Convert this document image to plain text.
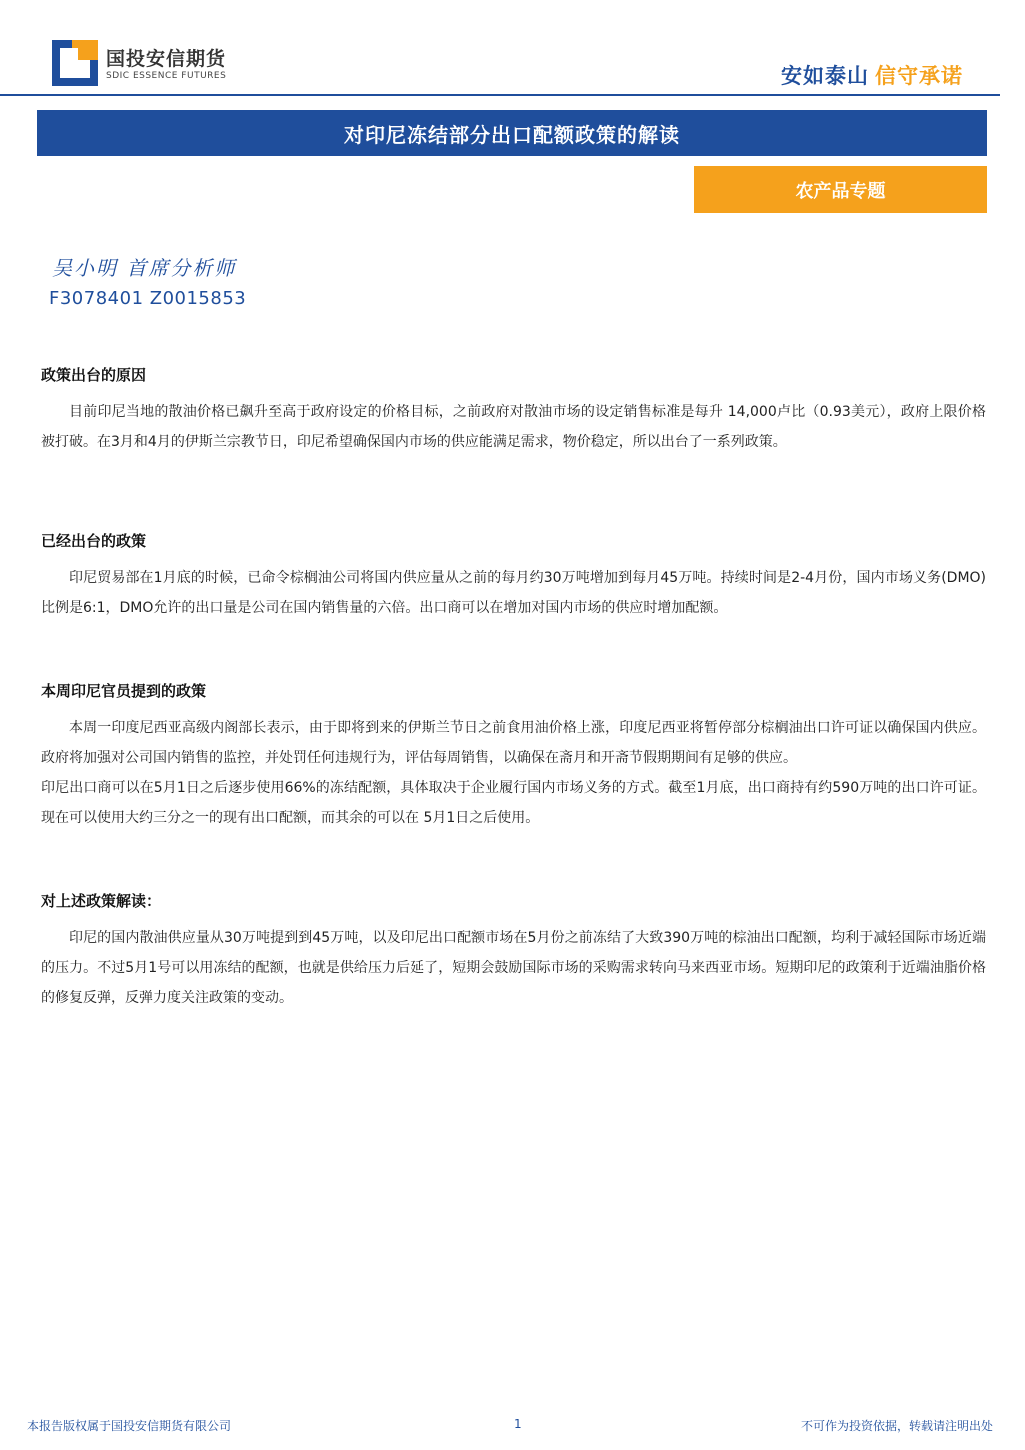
国投安信期货
SDIC ESSENCE FUTURES	安如泰山 信守承诺
对印尼冻结部分出口配额政策的解读
农产品专题
吴小明 首席分析师
F3078401 Z0015853
政策出台的原因

目前印尼当地的散油价格已飙升至高于政府设定的价格目标，之前政府对散油市场的设定销售标准是每升 14,000卢比（0.93美元），政府上限价格被打破。在3月和4月的伊斯兰宗教节日，印尼希望确保国内市场的供应能满足需求，物价稳定，所以出台了一系列政策。

已经出台的政策

印尼贸易部在1月底的时候，已命令棕榈油公司将国内供应量从之前的每月约30万吨增加到每月45万吨。持续时间是2-4月份，国内市场义务(DMO)比例是6:1，DMO允许的出口量是公司在国内销售量的六倍。出口商可以在增加对国内市场的供应时增加配额。

本周印尼官员提到的政策

本周一印度尼西亚高级内阁部长表示，由于即将到来的伊斯兰节日之前食用油价格上涨，印度尼西亚将暂停部分棕榈油出口许可证以确保国内供应。政府将加强对公司国内销售的监控，并处罚任何违规行为，评估每周销售，以确保在斋月和开斋节假期期间有足够的供应。

印尼出口商可以在5月1日之后逐步使用66%的冻结配额，具体取决于企业履行国内市场义务的方式。截至1月底，出口商持有约590万吨的出口许可证。现在可以使用大约三分之一的现有出口配额，而其余的可以在 5月1日之后使用。

对上述政策解读：

印尼的国内散油供应量从30万吨提到到45万吨，以及印尼出口配额市场在5月份之前冻结了大致390万吨的棕油出口配额，均利于减轻国际市场近端的压力。不过5月1号可以用冻结的配额，也就是供给压力后延了，短期会鼓励国际市场的采购需求转向马来西亚市场。短期印尼的政策利于近端油脂价格的修复反弹，反弹力度关注政策的变动。

本报告版权属于国投安信期货有限公司	1	不可作为投资依据，转载请注明出处
